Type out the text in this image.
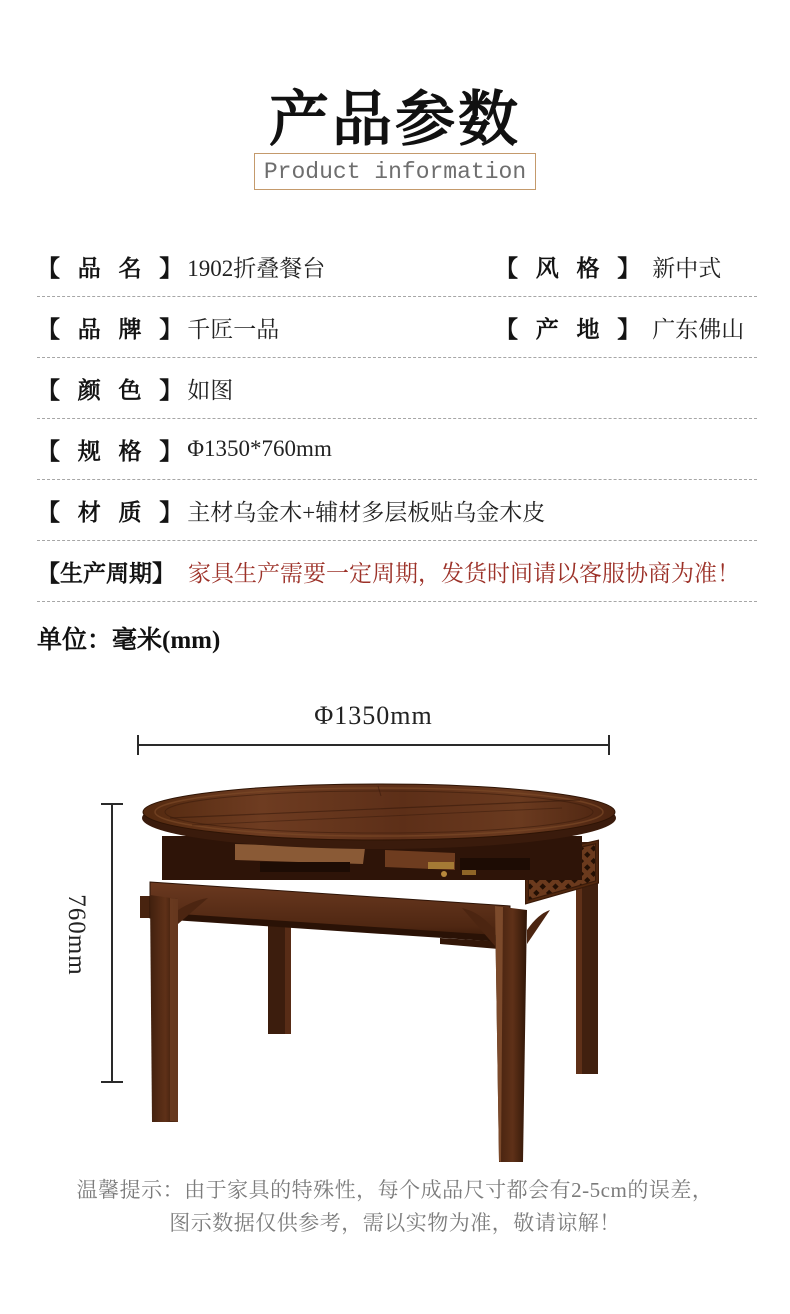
产品参数
Product information
【 品 名 】 1902折叠餐台	【 风 格 】 新中式
【 品 牌 】 千匠一品	【 产 地 】 广东佛山
【 颜 色 】 如图
【 规 格 】 Φ1350*760mm
【 材 质 】 主材乌金木+辅材多层板贴乌金木皮
【生产周期】 家具生产需要一定周期，发货时间请以客服协商为准！
单位：毫米(mm)
Φ1350mm
760mm
温馨提示：由于家具的特殊性，每个成品尺寸都会有2-5cm的误差，
图示数据仅供参考，需以实物为准，敬请谅解！
